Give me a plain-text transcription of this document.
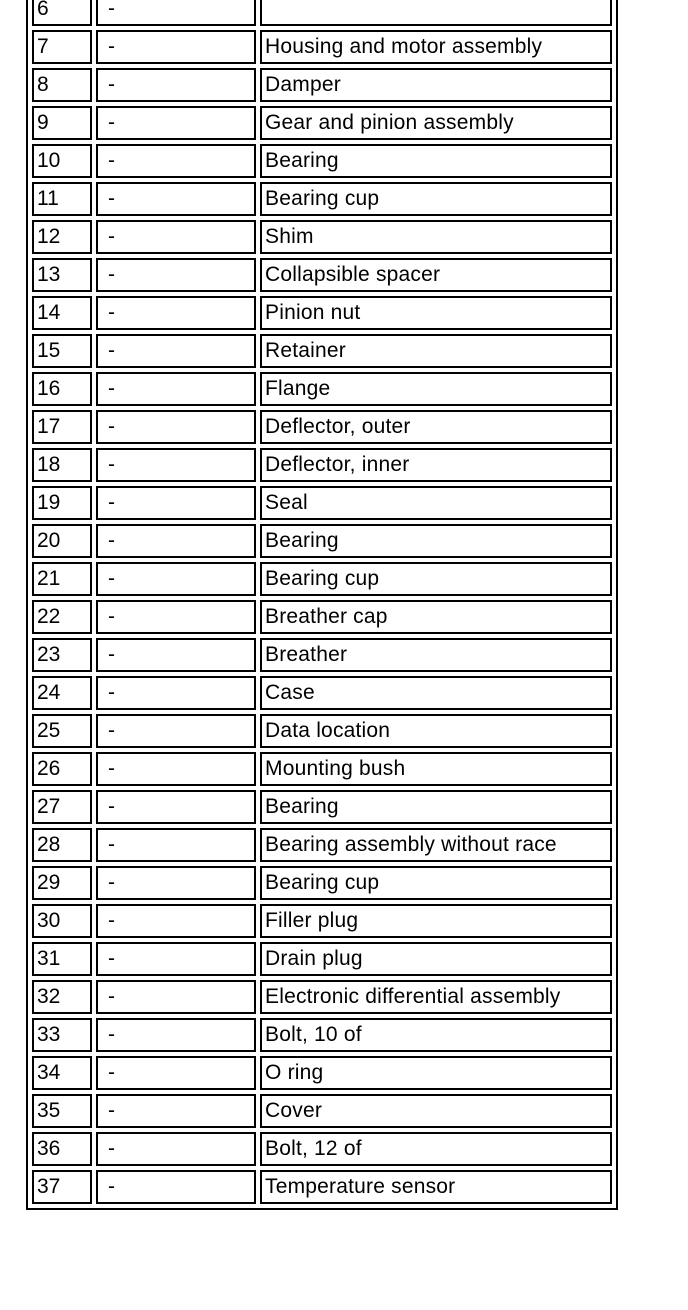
6	-	
7	-	Housing and motor assembly
8	-	Damper
9	-	Gear and pinion assembly
10	-	Bearing
11	-	Bearing cup
12	-	Shim
13	-	Collapsible spacer
14	-	Pinion nut
15	-	Retainer
16	-	Flange
17	-	Deflector, outer
18	-	Deflector, inner
19	-	Seal
20	-	Bearing
21	-	Bearing cup
22	-	Breather cap
23	-	Breather
24	-	Case
25	-	Data location
26	-	Mounting bush
27	-	Bearing
28	-	Bearing assembly without race
29	-	Bearing cup
30	-	Filler plug
31	-	Drain plug
32	-	Electronic differential assembly
33	-	Bolt, 10 of
34	-	O ring
35	-	Cover
36	-	Bolt, 12 of
37	-	Temperature sensor
